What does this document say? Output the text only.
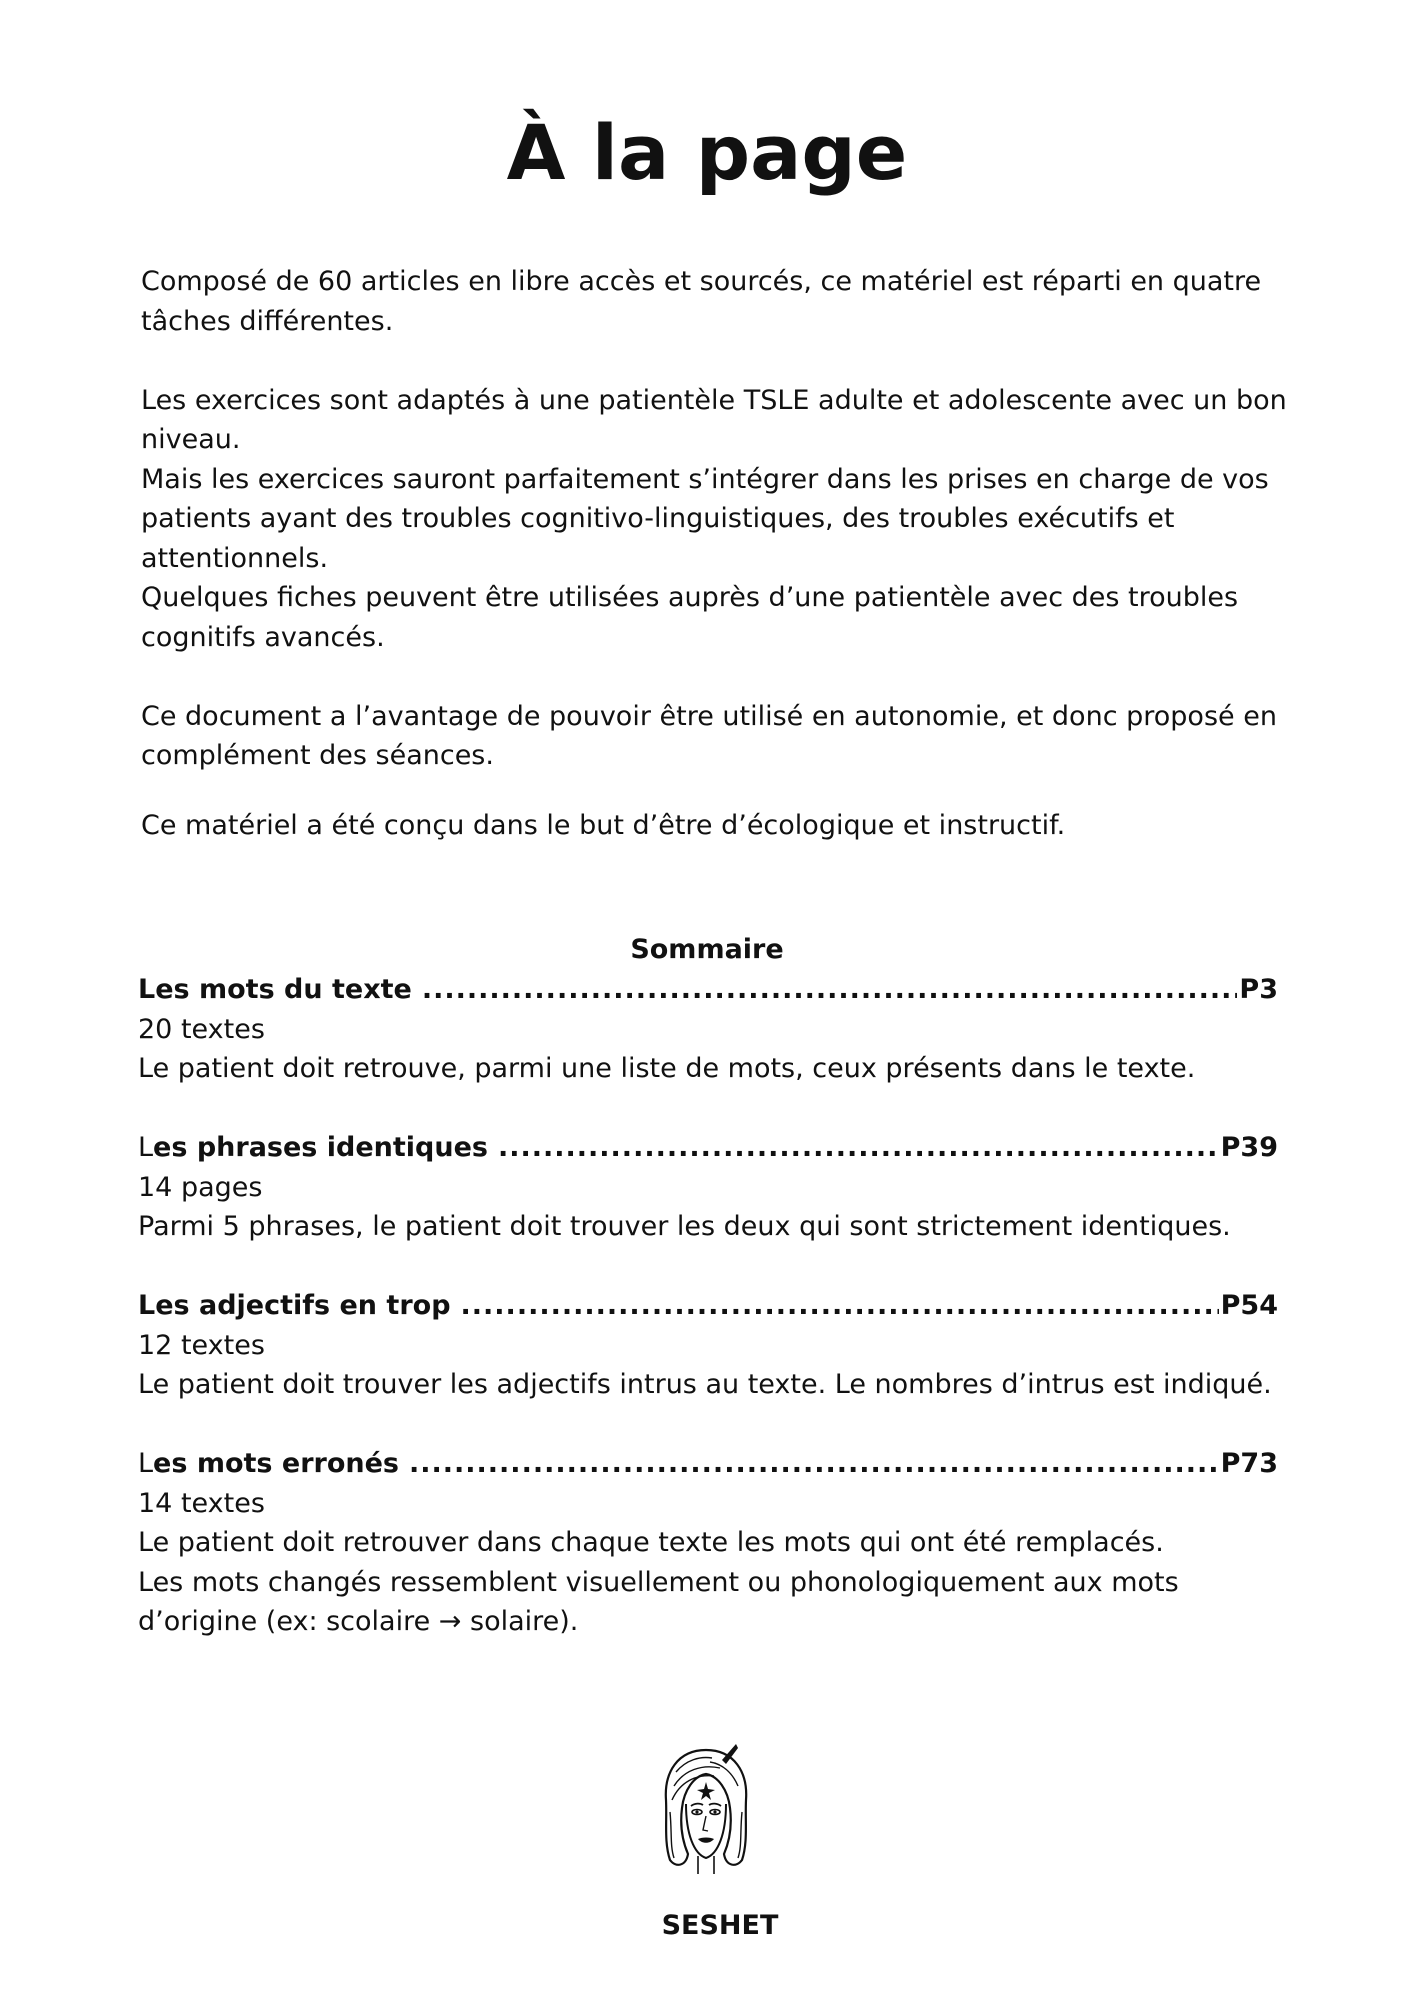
À la page

Composé de 60 articles en libre accès et sourcés, ce matériel est réparti en quatre tâches différentes.

Les exercices sont adaptés à une patientèle TSLE adulte et adolescente avec un bon niveau.

Mais les exercices sauront parfaitement s’intégrer dans les prises en charge de vos patients ayant des troubles cognitivo-linguistiques, des troubles exécutifs et attentionnels.

Quelques fiches peuvent être utilisées auprès d’une patientèle avec des troubles cognitifs avancés.

Ce document a l’avantage de pouvoir être utilisé en autonomie, et donc proposé en complément des séances.

Ce matériel a été conçu dans le but d’être d’écologique et instructif.

Sommaire
Les mots du texte .....	P3
20 textes
Le patient doit retrouve, parmi une liste de mots, ceux présents dans le texte.
L es phrases identiques .....	P39
14 pages
Parmi 5 phrases, le patient doit trouver les deux qui sont strictement identiques.
Les adjectifs en trop .....	P54
12 textes
Le patient doit trouver les adjectifs intrus au texte. Le nombres d’intrus est indiqué.
L es mots erronés .....	P73
14 textes
Le patient doit retrouver dans chaque texte les mots qui ont été remplacés.
Les mots changés ressemblent visuellement ou phonologiquement aux mots d’origine (ex: scolaire → solaire).
SESHET
